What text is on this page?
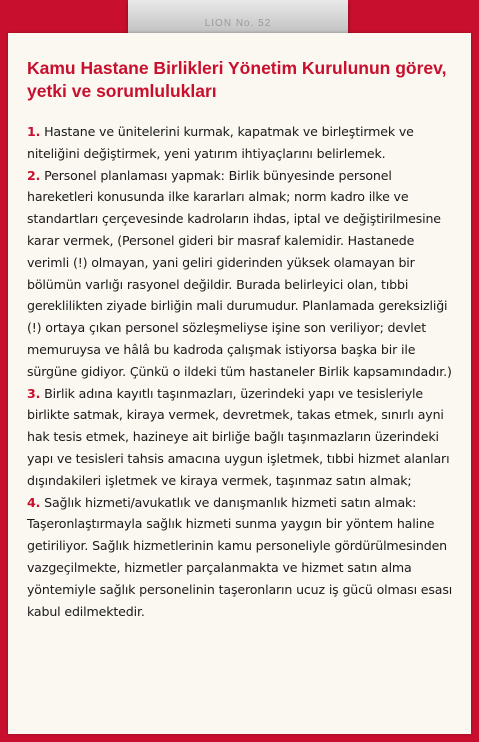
LION No. 52
Kamu Hastane Birlikleri Yönetim Kurulunun görev, yetki ve sorumlulukları

1. Hastane ve ünitelerini kurmak, kapatmak ve birleştirmek ve niteliğini değiştirmek, yeni yatırım ihtiyaçlarını belirlemek.

2. Personel planlaması yapmak: Birlik bünyesinde personel hareketleri konusunda ilke kararları almak; norm kadro ilke ve standartları çerçevesinde kadroların ihdas, iptal ve değiştirilmesine karar vermek, (Personel gideri bir masraf kalemidir. Hastanede verimli (!) olmayan, yani geliri giderinden yüksek olamayan bir bölümün varlığı rasyonel değildir. Burada belirleyici olan, tıbbi gereklilikten ziyade birliğin mali durumudur. Planlamada gereksizliği (!) ortaya çıkan personel sözleşmeliyse işine son veriliyor; devlet memuruysa ve hâlâ bu kadroda çalışmak istiyorsa başka bir ile sürgüne gidiyor. Çünkü o ildeki tüm hastaneler Birlik kapsamındadır.)

3. Birlik adına kayıtlı taşınmazları, üzerindeki yapı ve tesisleriyle birlikte satmak, kiraya vermek, devretmek, takas etmek, sınırlı ayni hak tesis etmek, hazineye ait birliğe bağlı taşınmazların üzerindeki yapı ve tesisleri tahsis amacına uygun işletmek, tıbbi hizmet alanları dışındakileri işletmek ve kiraya vermek, taşınmaz satın almak;

4. Sağlık hizmeti/avukatlık ve danışmanlık hizmeti satın almak: Taşeronlaştırmayla sağlık hizmeti sunma yaygın bir yöntem haline getiriliyor. Sağlık hizmetlerinin kamu personeliyle gördürülmesinden vazgeçilmekte, hizmetler parçalanmakta ve hizmet satın alma yöntemiyle sağlık personelinin taşeronların ucuz iş gücü olması esası kabul edilmektedir.
